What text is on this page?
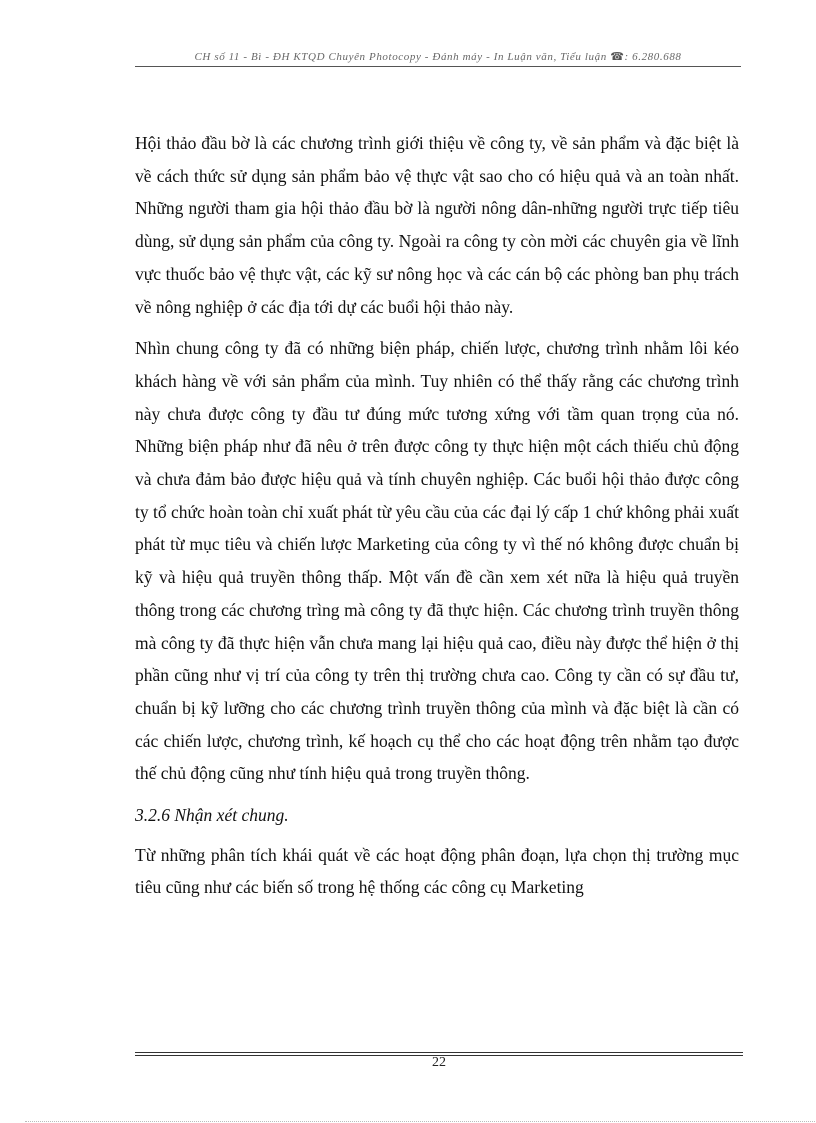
CH số 11 - Bì - ĐH KTQD Chuyên Photocopy - Đánh máy - In Luận văn, Tiểu luận ☎: 6.280.688

Hội thảo đầu bờ là các chương trình giới thiệu về công ty, về sản phẩm và đặc biệt là về cách thức sử dụng sản phẩm bảo vệ thực vật sao cho có hiệu quả và an toàn nhất. Những người tham gia hội thảo đầu bờ là người nông dân-những người trực tiếp tiêu dùng, sử dụng sản phẩm của công ty. Ngoài ra công ty còn mời các chuyên gia về lĩnh vực thuốc bảo vệ thực vật, các kỹ sư nông học và các cán bộ các phòng ban phụ trách về nông nghiệp ở các địa tới dự các buổi hội thảo này.

Nhìn chung công ty đã có những biện pháp, chiến lược, chương trình nhằm lôi kéo khách hàng về với sản phẩm của mình. Tuy nhiên có thể thấy rằng các chương trình này chưa được công ty đầu tư đúng mức tương xứng với tầm quan trọng của nó. Những biện pháp như đã nêu ở trên được công ty thực hiện một cách thiếu chủ động và chưa đảm bảo được hiệu quả và tính chuyên nghiệp. Các buổi hội thảo được công ty tổ chức hoàn toàn chỉ xuất phát từ yêu cầu của các đại lý cấp 1 chứ không phải xuất phát từ mục tiêu và chiến lược Marketing của công ty vì thế nó không được chuẩn bị kỹ và hiệu quả truyền thông thấp. Một vấn đề cần xem xét nữa là hiệu quả truyền thông trong các chương trìng mà công ty đã thực hiện. Các chương trình truyền thông mà công ty đã thực hiện vẫn chưa mang lại hiệu quả cao, điều này được thể hiện ở thị phần cũng như vị trí của công ty trên thị trường chưa cao. Công ty cần có sự đầu tư, chuẩn bị kỹ lưỡng cho các chương trình truyền thông của mình và đặc biệt là cần có các chiến lược, chương trình, kế hoạch cụ thể cho các hoạt động trên nhằm tạo được thế chủ động cũng như tính hiệu quả trong truyền thông.

3.2.6 Nhận xét chung.

Từ những phân tích khái quát về các hoạt động phân đoạn, lựa chọn thị trường mục tiêu cũng như các biến số trong hệ thống các công cụ Marketing

22
